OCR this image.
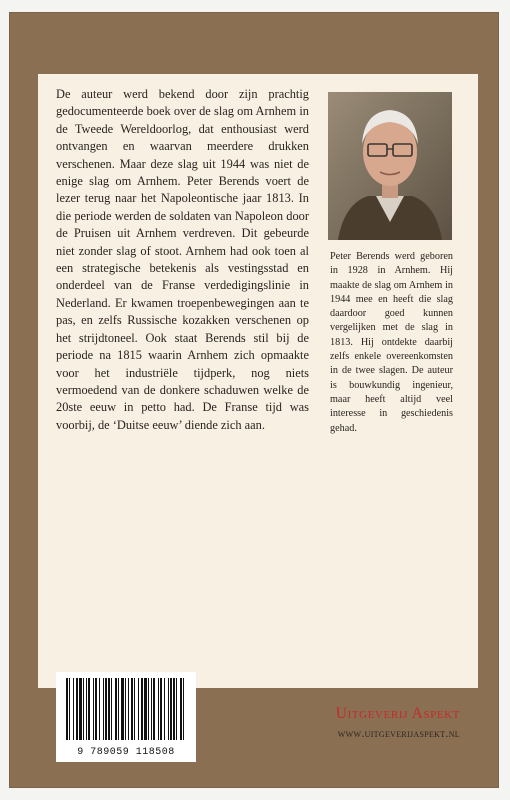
De auteur werd bekend door zijn prachtig gedocumenteerde boek over de slag om Arnhem in de Tweede Wereldoorlog, dat enthousiast werd ontvangen en waarvan meerdere drukken verschenen. Maar deze slag uit 1944 was niet de enige slag om Arnhem. Peter Berends voert de lezer terug naar het Napoleontische jaar 1813. In die periode werden de soldaten van Napoleon door de Pruisen uit Arnhem verdreven. Dit gebeurde niet zonder slag of stoot. Arnhem had ook toen al een strategische betekenis als vestingsstad en onderdeel van de Franse verdedigingslinie in Nederland. Er kwamen troepenbewegingen aan te pas, en zelfs Russische kozakken verschenen op het strijdtoneel. Ook staat Berends stil bij de periode na 1815 waarin Arnhem zich opmaakte voor het industriële tijdperk, nog niets vermoedend van de donkere schaduwen welke de 20ste eeuw in petto had. De Franse tijd was voorbij, de ‘Duitse eeuw’ diende zich aan.
Peter Berends werd geboren in 1928 in Arnhem. Hij maakte de slag om Arnhem in 1944 mee en heeft die slag daardoor goed kunnen vergelijken met de slag in 1813. Hij ontdekte daarbij zelfs enkele overeenkomsten in de twee slagen. De auteur is bouwkundig ingenieur, maar heeft altijd veel interesse in geschiedenis gehad.
9 789059 118508
Uitgeverij Aspekt
www.uitgeverijaspekt.nl
